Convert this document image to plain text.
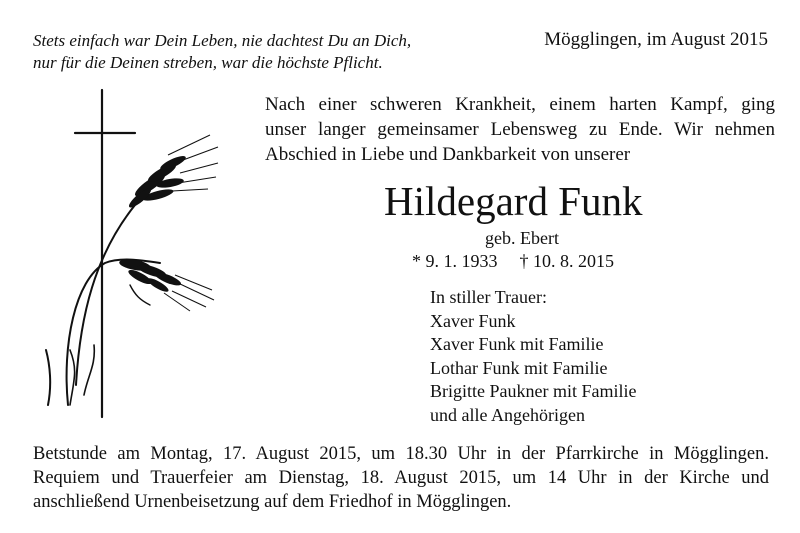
Stets einfach war Dein Leben, nie dachtest Du an Dich,
nur für die Deinen streben, war die höchste Pflicht.
Mögglingen, im August 2015
Nach einer schweren Krankheit, einem harten Kampf, ging
unser langer gemeinsamer Lebensweg zu Ende. Wir nehmen
Abschied in Liebe und Dankbarkeit von unserer
Hildegard Funk
geb. Ebert
* 9. 1. 1933 † 10. 8. 2015
In stiller Trauer:
Xaver Funk
Xaver Funk mit Familie
Lothar Funk mit Familie
Brigitte Paukner mit Familie
und alle Angehörigen
Betstunde am Montag, 17. August 2015, um 18.30 Uhr in der Pfarrkirche in Mögglingen.
Requiem und Trauerfeier am Dienstag, 18. August 2015, um 14 Uhr in der Kirche und
anschließend Urnenbeisetzung auf dem Friedhof in Mögglingen.
